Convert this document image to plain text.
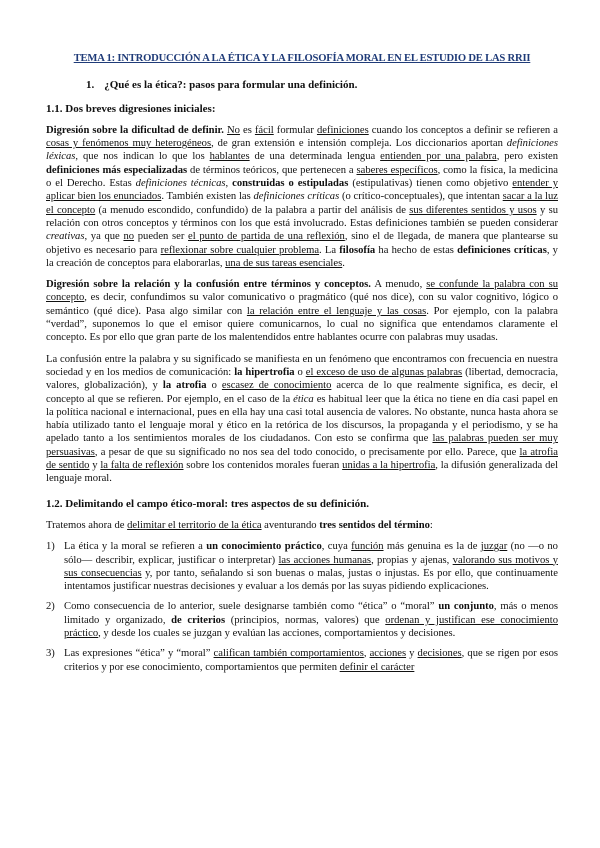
TEMA 1: INTRODUCCIÓN A LA ÉTICA Y LA FILOSOFÍA MORAL EN EL ESTUDIO DE LAS RRII
1. ¿Qué es la ética?: pasos para formular una definición.
1.1. Dos breves digresiones iniciales:

Digresión sobre la dificultad de definir. No es fácil formular definiciones cuando los conceptos a definir se refieren a cosas y fenómenos muy heterogéneos, de gran extensión e intensión compleja. Los diccionarios aportan definiciones léxicas, que nos indican lo que los hablantes de una determinada lengua entienden por una palabra, pero existen definiciones más especializadas de términos teóricos, que pertenecen a saberes específicos, como la física, la medicina o el Derecho. Estas definiciones técnicas, construidas o estipuladas (estipulativas) tienen como objetivo entender y aplicar bien los enunciados. También existen las definiciones críticas (o crítico-conceptuales), que intentan sacar a la luz el concepto (a menudo escondido, confundido) de la palabra a partir del análisis de sus diferentes sentidos y usos y su relación con otros conceptos y términos con los que está involucrado. Estas definiciones también se pueden considerar creativas, ya que no pueden ser el punto de partida de una reflexión, sino el de llegada, de manera que plantearse su objetivo es necesario para reflexionar sobre cualquier problema. La filosofía ha hecho de estas definiciones críticas, y la creación de conceptos para elaborarlas, una de sus tareas esenciales.

Digresión sobre la relación y la confusión entre términos y conceptos. A menudo, se confunde la palabra con su concepto, es decir, confundimos su valor comunicativo o pragmático (qué nos dice), con su valor cognitivo, lógico o semántico (qué dice). Pasa algo similar con la relación entre el lenguaje y las cosas. Por ejemplo, con la palabra “verdad”, suponemos lo que el emisor quiere comunicarnos, lo cual no significa que entendamos claramente el concepto. Es por ello que gran parte de los malentendidos entre hablantes ocurre con palabras muy usadas.

La confusión entre la palabra y su significado se manifiesta en un fenómeno que encontramos con frecuencia en nuestra sociedad y en los medios de comunicación: la hipertrofia o el exceso de uso de algunas palabras (libertad, democracia, valores, globalización), y la atrofia o escasez de conocimiento acerca de lo que realmente significa, es decir, el concepto al que se refieren. Por ejemplo, en el caso de la ética es habitual leer que la ética no tiene en día casi papel en la política nacional e internacional, pues en ella hay una casi total ausencia de valores. No obstante, nunca hasta ahora se había utilizado tanto el lenguaje moral y ético en la retórica de los discursos, la propaganda y el periodismo, y se ha apelado tanto a los sentimientos morales de los ciudadanos. Con esto se confirma que las palabras pueden ser muy persuasivas, a pesar de que su significado no nos sea del todo conocido, o precisamente por ello. Parece, que la atrofia de sentido y la falta de reflexión sobre los contenidos morales fueran unidas a la hipertrofia, la difusión generalizada del lenguaje moral.

1.2. Delimitando el campo ético-moral: tres aspectos de su definición.

Tratemos ahora de delimitar el territorio de la ética aventurando tres sentidos del término:

1) La ética y la moral se refieren a un conocimiento práctico, cuya función más genuina es la de juzgar (no —o no sólo— describir, explicar, justificar o interpretar) las acciones humanas, propias y ajenas, valorando sus motivos y sus consecuencias y, por tanto, señalando si son buenas o malas, justas o injustas. Es por ello, que continuamente intentamos justificar nuestras decisiones y evaluar a los demás por las suyas pidiendo explicaciones.
2) Como consecuencia de lo anterior, suele designarse también como “ética” o “moral” un conjunto, más o menos limitado y organizado, de criterios (principios, normas, valores) que ordenan y justifican ese conocimiento práctico, y desde los cuales se juzgan y evalúan las acciones, comportamientos y decisiones.
3) Las expresiones “ética” y “moral” califican también comportamientos, acciones y decisiones, que se rigen por esos criterios y por ese conocimiento, comportamientos que permiten definir el carácter
